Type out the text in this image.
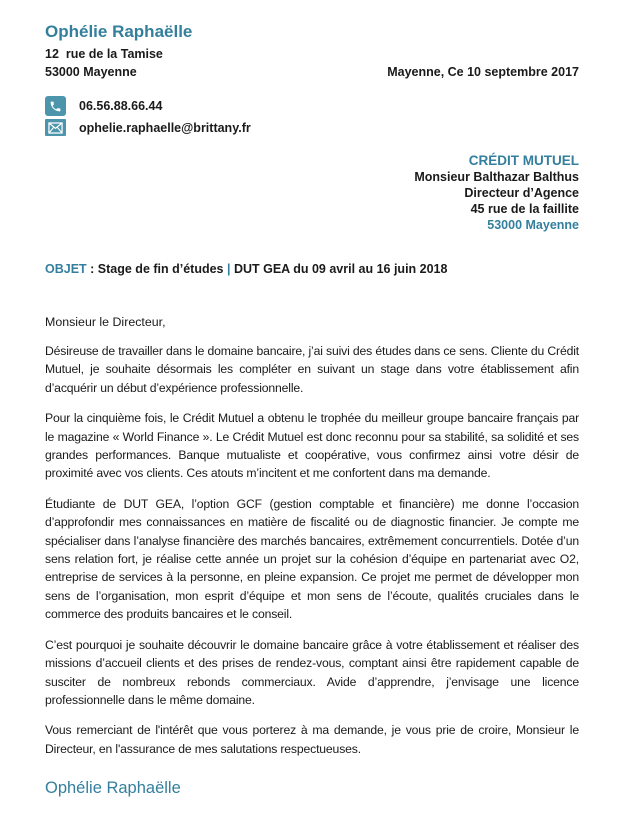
Ophélie Raphaëlle
12  rue de la Tamise
53000 Mayenne	Mayenne, Ce 10 septembre 2017
06.56.88.66.44
ophelie.raphaelle@brittany.fr
CRÉDIT MUTUEL
Monsieur Balthazar Balthus
Directeur d’Agence
45 rue de la faillite
53000 Mayenne
OBJET : Stage de fin d’études | DUT GEA du 09 avril au 16 juin 2018

Monsieur le Directeur,

Désireuse de travailler dans le domaine bancaire, j’ai suivi des études dans ce sens. Cliente du Crédit Mutuel, je souhaite désormais les compléter en suivant un stage dans votre établissement afin d’acquérir un début d’expérience professionnelle.

Pour la cinquième fois, le Crédit Mutuel a obtenu le trophée du meilleur groupe bancaire français par le magazine « World Finance ». Le Crédit Mutuel est donc reconnu pour sa stabilité, sa solidité et ses grandes performances. Banque mutualiste et coopérative, vous confirmez ainsi votre désir de proximité avec vos clients. Ces atouts m’incitent et me confortent dans ma demande.

Étudiante de DUT GEA, l’option GCF (gestion comptable et financière) me donne l’occasion d’approfondir mes connaissances en matière de fiscalité ou de diagnostic financier. Je compte me spécialiser dans l’analyse financière des marchés bancaires, extrêmement concurrentiels. Dotée d’un sens relation fort, je réalise cette année un projet sur la cohésion d’équipe en partenariat avec O2, entreprise de services à la personne, en pleine expansion. Ce projet me permet de développer mon sens de l’organisation, mon esprit d’équipe et mon sens de l’écoute, qualités cruciales dans le commerce des produits bancaires et le conseil.

C’est pourquoi je souhaite découvrir le domaine bancaire grâce à votre établissement et réaliser des missions d’accueil clients et des prises de rendez-vous, comptant ainsi être rapidement capable de susciter de nombreux rebonds commerciaux. Avide d’apprendre, j’envisage une licence professionnelle dans le même domaine.

Vous remerciant de l'intérêt que vous porterez à ma demande, je vous prie de croire, Monsieur le Directeur, en l'assurance de mes salutations respectueuses.

Ophélie Raphaëlle
